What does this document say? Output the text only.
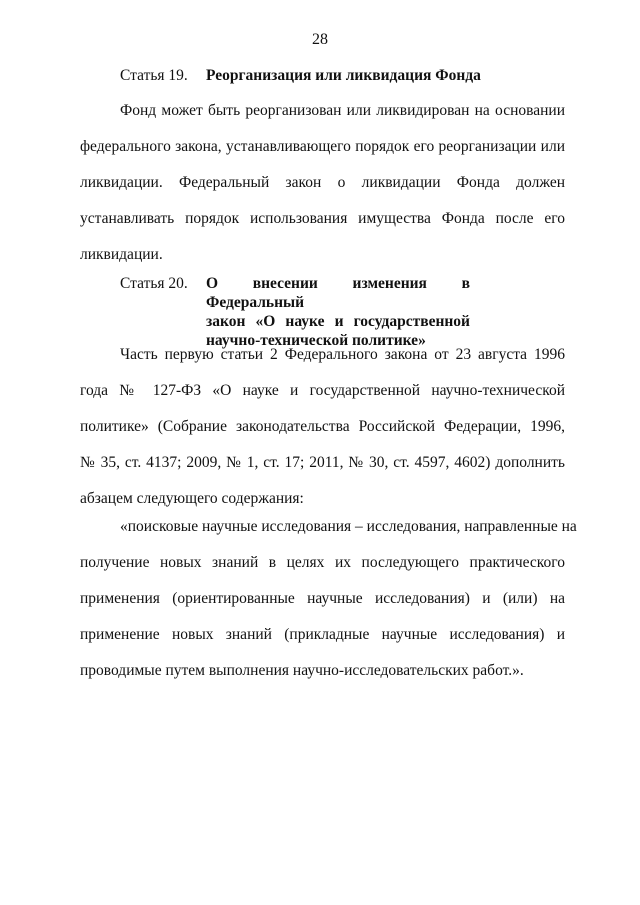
28
Статья 19. Реорганизация или ликвидация Фонда
Фонд может быть реорганизован или ликвидирован на основании
федерального закона, устанавливающего порядок его реорганизации или
ликвидации. Федеральный закон о ликвидации Фонда должен
устанавливать порядок использования имущества Фонда после его
ликвидации.
Статья 20. О внесении изменения в Федеральный
закон «О науке и государственной
научно-технической политике»
Часть первую статьи 2 Федерального закона от 23 августа 1996
года № 127-ФЗ «О науке и государственной научно-технической
политике» (Собрание законодательства Российской Федерации, 1996,
№ 35, ст. 4137; 2009, № 1, ст. 17; 2011, № 30, ст. 4597, 4602) дополнить
абзацем следующего содержания:
«поисковые научные исследования – исследования, направленные на
получение новых знаний в целях их последующего практического
применения (ориентированные научные исследования) и (или) на
применение новых знаний (прикладные научные исследования) и
проводимые путем выполнения научно-исследовательских работ.».
